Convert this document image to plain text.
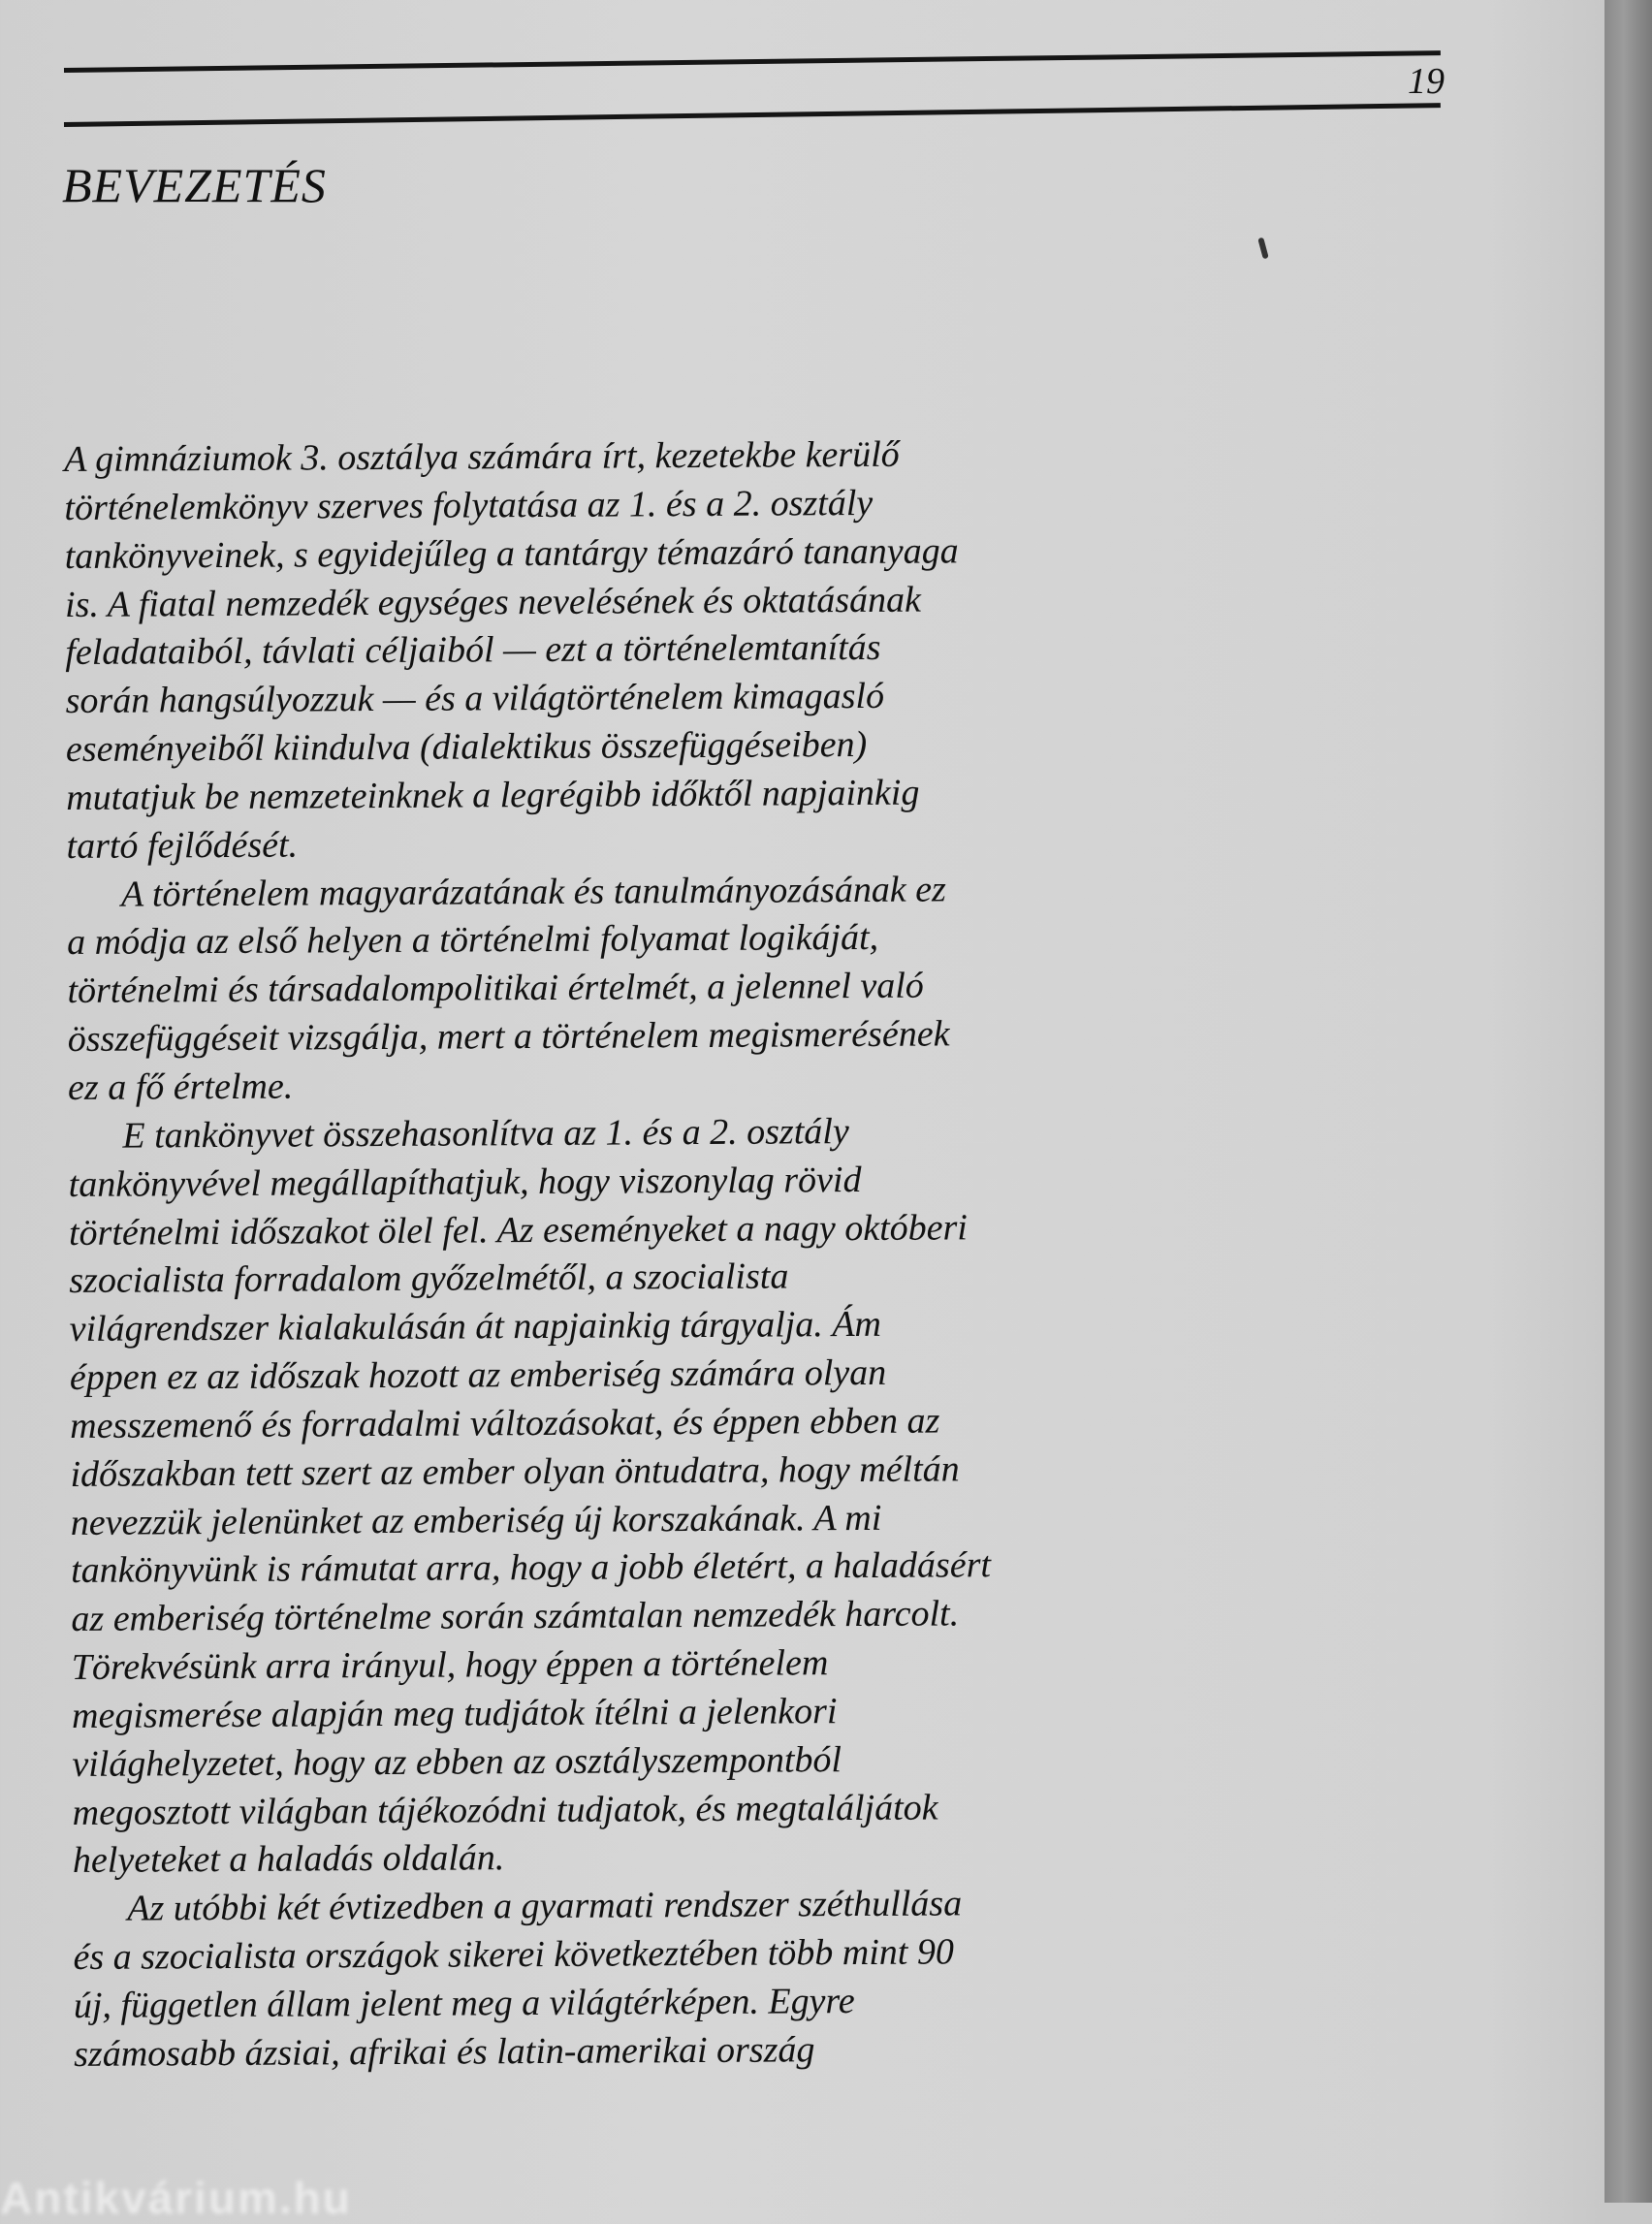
19
BEVEZETÉS
A gimnáziumok 3. osztálya számára írt, kezetekbe kerülő
történelemkönyv szerves folytatása az 1. és a 2. osztály
tankönyveinek, s egyidejűleg a tantárgy témazáró tananyaga
is. A fiatal nemzedék egységes nevelésének és oktatásának
feladataiból, távlati céljaiból — ezt a történelemtanítás
során hangsúlyozzuk — és a világtörténelem kimagasló
eseményeiből kiindulva (dialektikus összefüggéseiben)
mutatjuk be nemzeteinknek a legrégibb időktől napjainkig
tartó fejlődését.
A történelem magyarázatának és tanulmányozásának ez
a módja az első helyen a történelmi folyamat logikáját,
történelmi és társadalompolitikai értelmét, a jelennel való
összefüggéseit vizsgálja, mert a történelem megismerésének
ez a fő értelme.
E tankönyvet összehasonlítva az 1. és a 2. osztály
tankönyvével megállapíthatjuk, hogy viszonylag rövid
történelmi időszakot ölel fel. Az eseményeket a nagy októberi
szocialista forradalom győzelmétől, a szocialista
világrendszer kialakulásán át napjainkig tárgyalja. Ám
éppen ez az időszak hozott az emberiség számára olyan
messzemenő és forradalmi változásokat, és éppen ebben az
időszakban tett szert az ember olyan öntudatra, hogy méltán
nevezzük jelenünket az emberiség új korszakának. A mi
tankönyvünk is rámutat arra, hogy a jobb életért, a haladásért
az emberiség történelme során számtalan nemzedék harcolt.
Törekvésünk arra irányul, hogy éppen a történelem
megismerése alapján meg tudjátok ítélni a jelenkori
világhelyzetet, hogy az ebben az osztályszempontból
megosztott világban tájékozódni tudjatok, és megtaláljátok
helyeteket a haladás oldalán.
Az utóbbi két évtizedben a gyarmati rendszer széthullása
és a szocialista országok sikerei következtében több mint 90
új, független állam jelent meg a világtérképen. Egyre
számosabb ázsiai, afrikai és latin-amerikai ország
Antikvárium.hu
